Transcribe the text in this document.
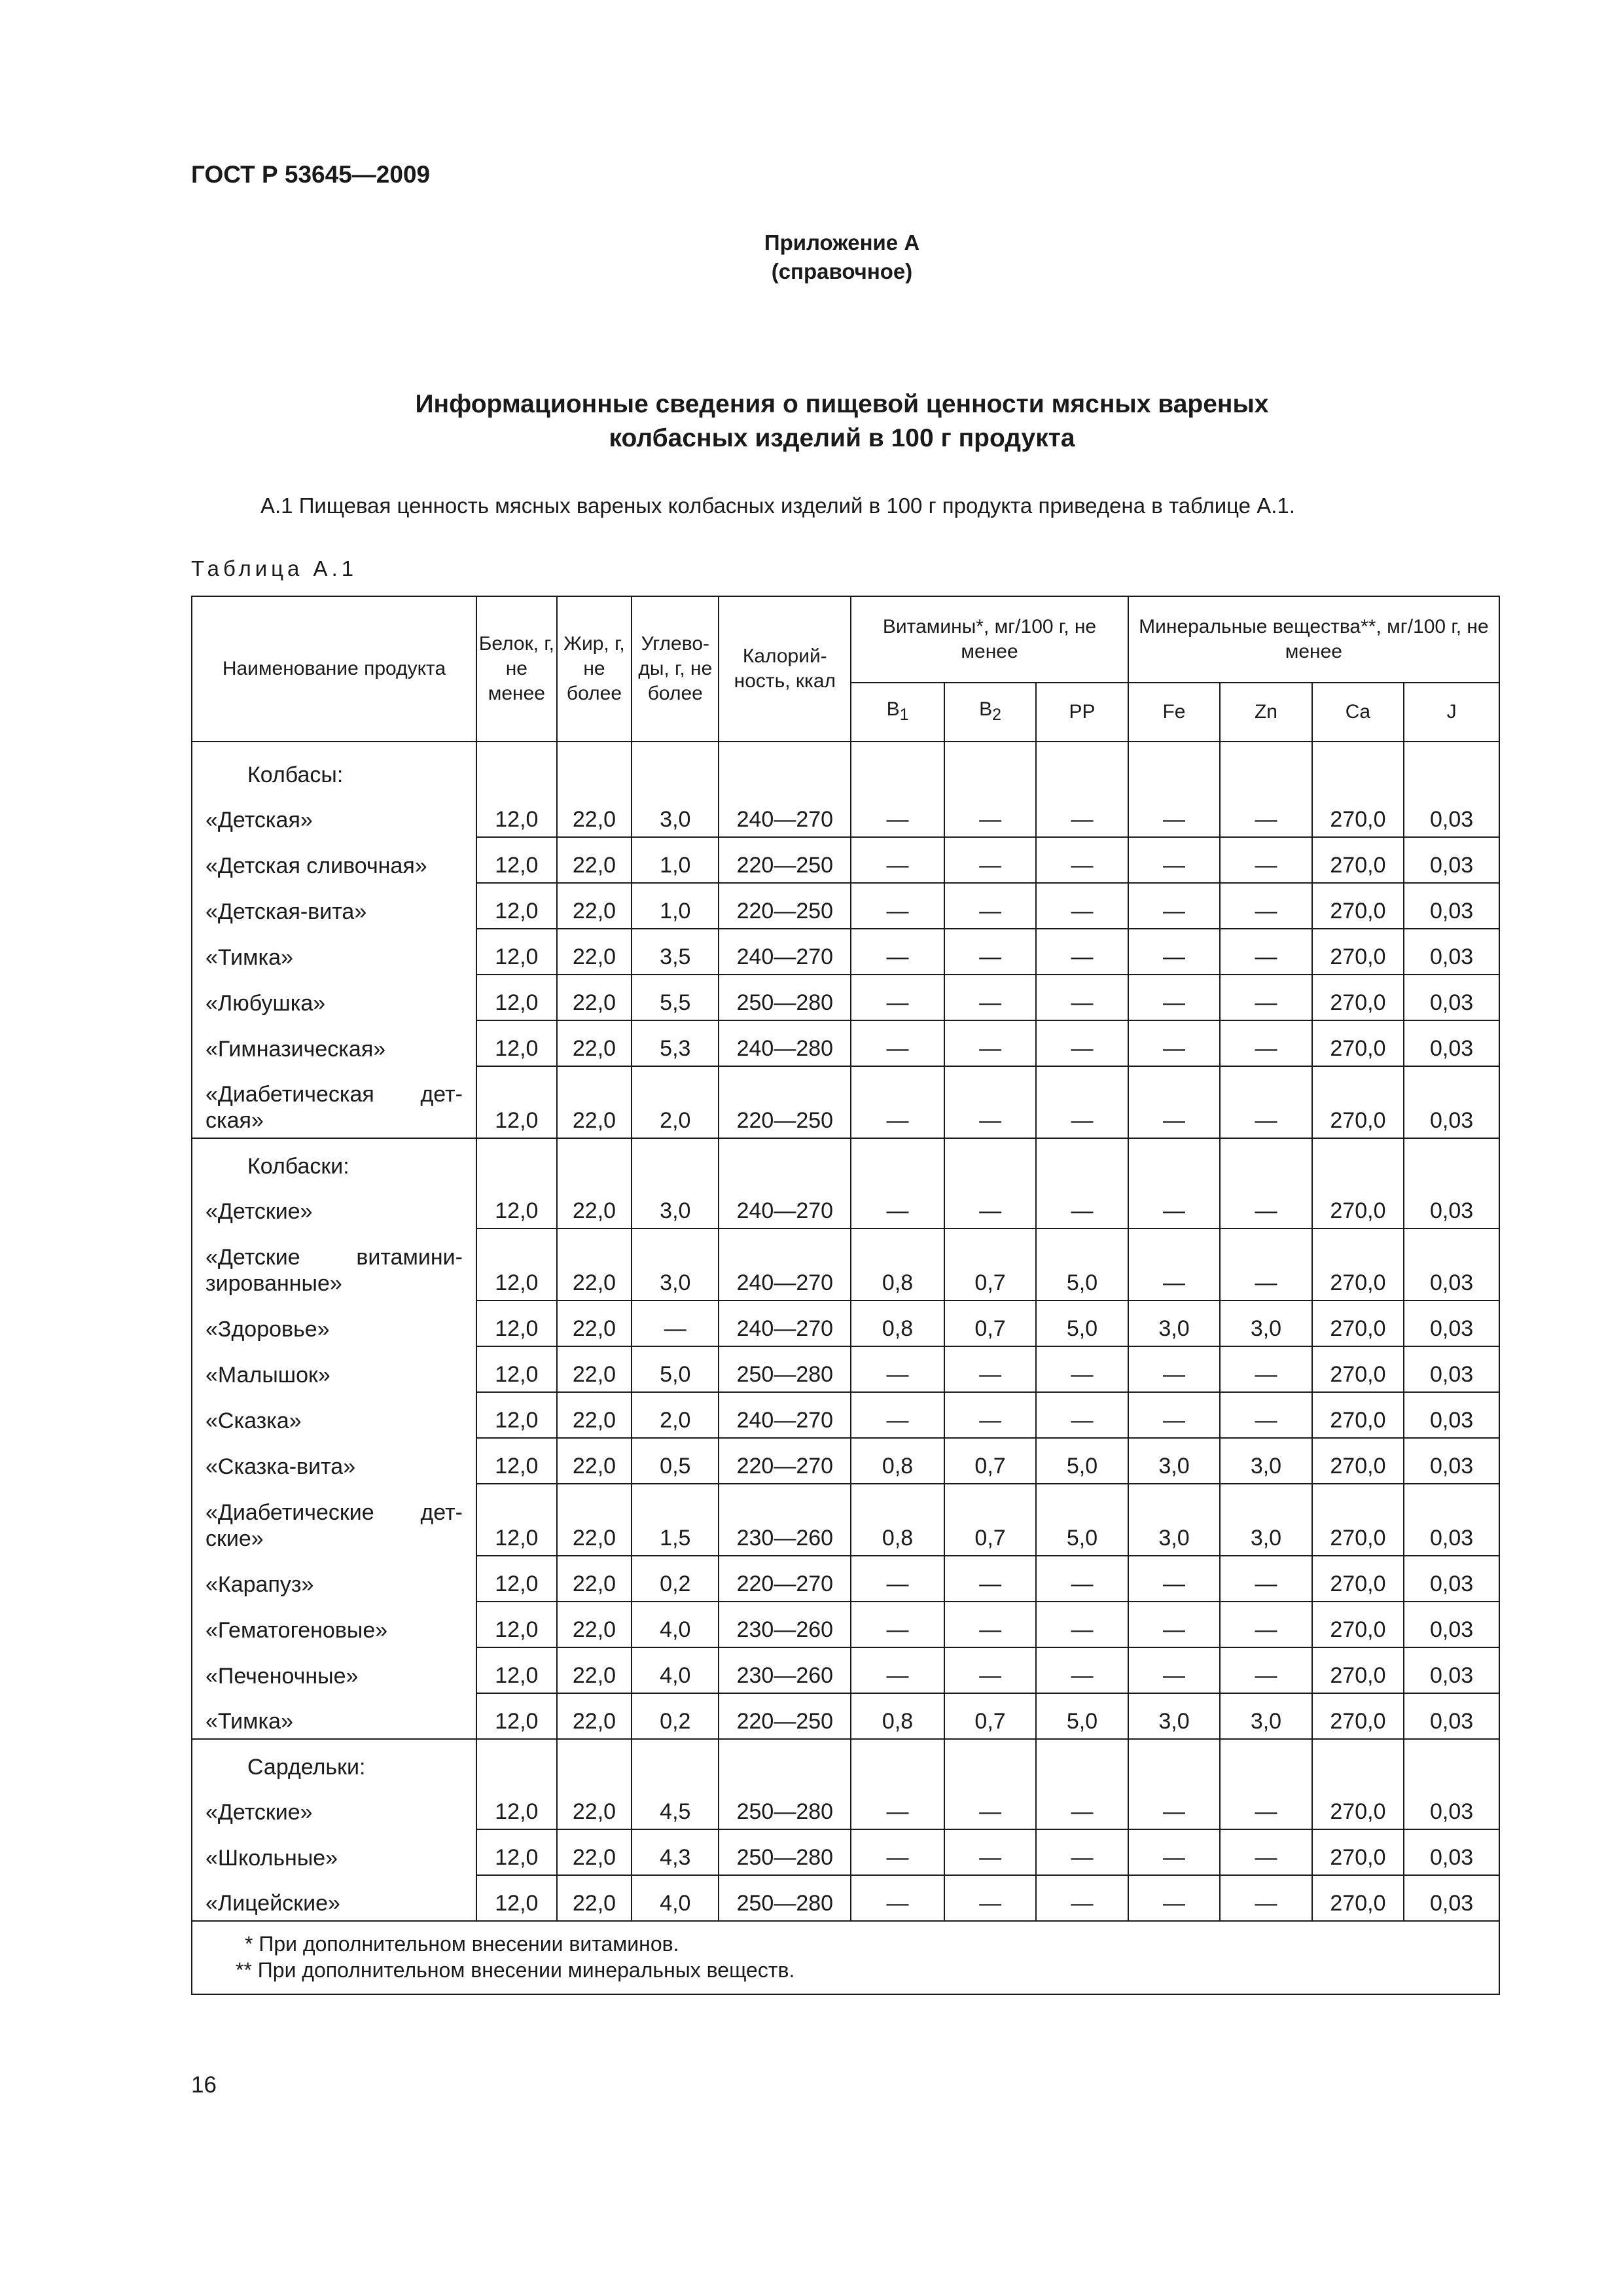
ГОСТ Р 53645—2009
Приложение А
(справочное)
Информационные сведения о пищевой ценности мясных вареных
колбасных изделий в 100 г продукта
А.1 Пищевая ценность мясных вареных колбасных изделий в 100 г продукта приведена в таблице А.1.
Таблица А.1
Наименование продукта	Белок, г, не менее	Жир, г, не более	Углево-ды, г, не более	Калорий-ность, ккал	Витамины*, мг/100 г, не менее			Минеральные вещества**, мг/100 г, не менее			
					$B_1$	$B_2$	PP	Fe	Zn	Ca	J
Колбасы:											
«Детская»	12,0	22,0	3,0	240—270	—	—	—	—	—	270,0	0,03
«Детская сливочная»	12,0	22,0	1,0	220—250	—	—	—	—	—	270,0	0,03
«Детская-вита»	12,0	22,0	1,0	220—250	—	—	—	—	—	270,0	0,03
«Тимка»	12,0	22,0	3,5	240—270	—	—	—	—	—	270,0	0,03
«Любушка»	12,0	22,0	5,5	250—280	—	—	—	—	—	270,0	0,03
«Гимназическая»	12,0	22,0	5,3	240—280	—	—	—	—	—	270,0	0,03
«Диабетическая дет-ская»	12,0	22,0	2,0	220—250	—	—	—	—	—	270,0	0,03
Колбаски:											
«Детские»	12,0	22,0	3,0	240—270	—	—	—	—	—	270,0	0,03
«Детские витамини-зированные»	12,0	22,0	3,0	240—270	0,8	0,7	5,0	—	—	270,0	0,03
«Здоровье»	12,0	22,0	—	240—270	0,8	0,7	5,0	3,0	3,0	270,0	0,03
«Малышок»	12,0	22,0	5,0	250—280	—	—	—	—	—	270,0	0,03
«Сказка»	12,0	22,0	2,0	240—270	—	—	—	—	—	270,0	0,03
«Сказка-вита»	12,0	22,0	0,5	220—270	0,8	0,7	5,0	3,0	3,0	270,0	0,03
«Диабетические дет-ские»	12,0	22,0	1,5	230—260	0,8	0,7	5,0	3,0	3,0	270,0	0,03
«Карапуз»	12,0	22,0	0,2	220—270	—	—	—	—	—	270,0	0,03
«Гематогеновые»	12,0	22,0	4,0	230—260	—	—	—	—	—	270,0	0,03
«Печеночные»	12,0	22,0	4,0	230—260	—	—	—	—	—	270,0	0,03
«Тимка»	12,0	22,0	0,2	220—250	0,8	0,7	5,0	3,0	3,0	270,0	0,03
Сардельки:											
«Детские»	12,0	22,0	4,5	250—280	—	—	—	—	—	270,0	0,03
«Школьные»	12,0	22,0	4,3	250—280	—	—	—	—	—	270,0	0,03
«Лицейские»	12,0	22,0	4,0	250—280	—	—	—	—	—	270,0	0,03

* При дополнительном внесении витаминов.
** При дополнительном внесении минеральных веществ.											
16
